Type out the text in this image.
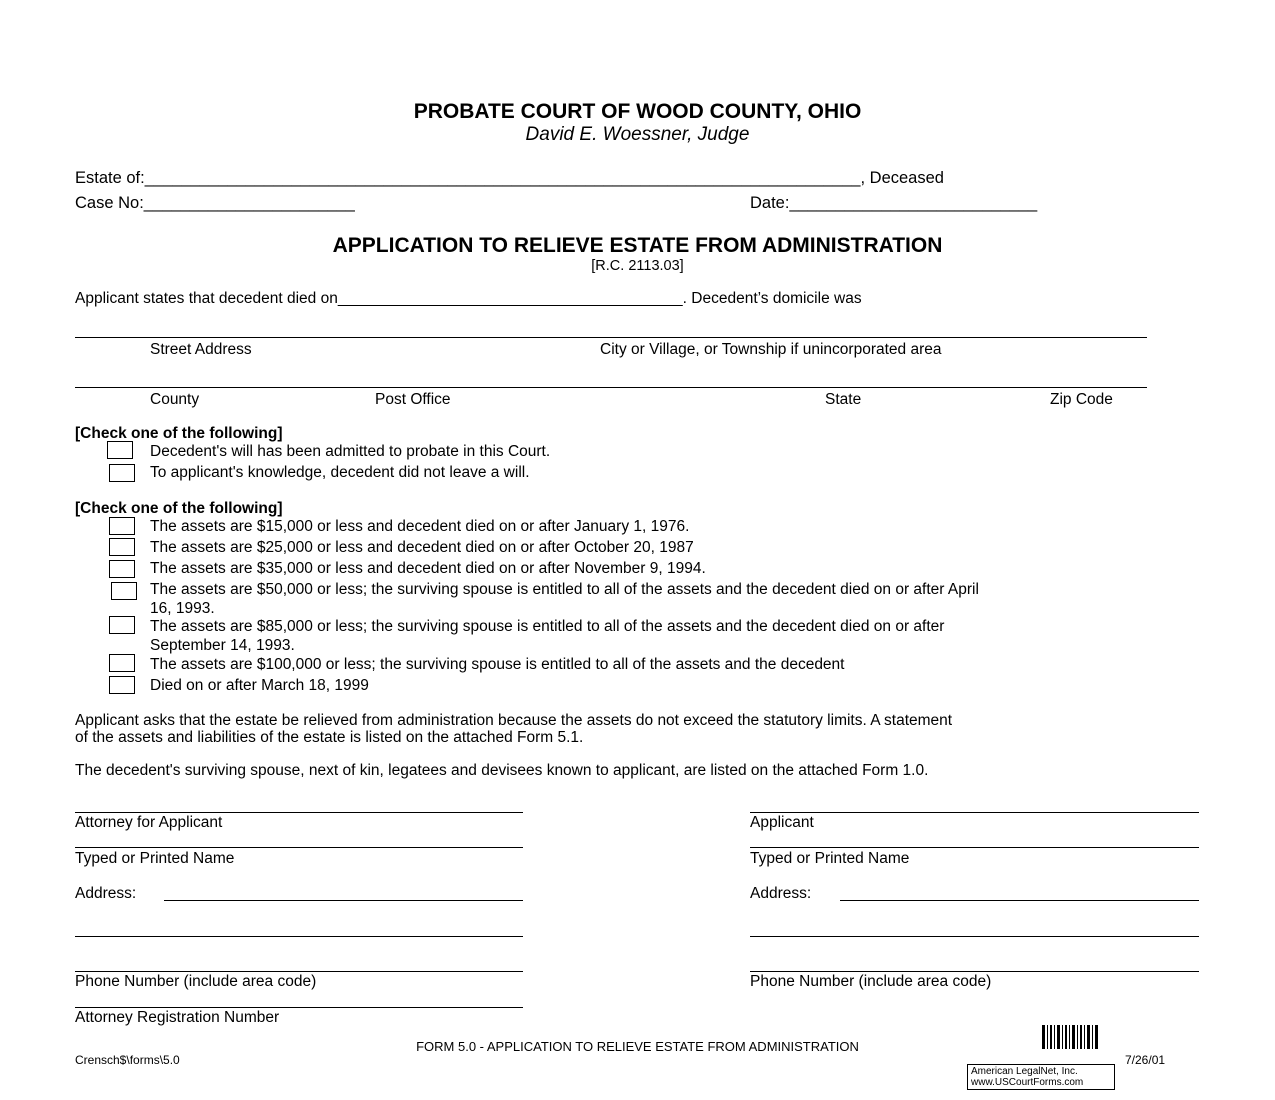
PROBATE COURT OF WOOD COUNTY, OHIO
David E. Woessner, Judge
Estate of:______________________________________________________________________________, Deceased
Case No:_______________________	Date:___________________________
APPLICATION TO RELIEVE ESTATE FROM ADMINISTRATION
[R.C. 2113.03]
Applicant states that decedent died on________________________________________. Decedent’s domicile was
Street Address	City or Village, or Township if unincorporated area
County	Post Office	State	Zip Code
[Check one of the following]
Decedent's will has been admitted to probate in this Court.
To applicant's knowledge, decedent did not leave a will.
[Check one of the following]
The assets are $15,000 or less and decedent died on or after January 1, 1976.
The assets are $25,000 or less and decedent died on or after October 20, 1987
The assets are $35,000 or less and decedent died on or after November 9, 1994.
The assets are $50,000 or less; the surviving spouse is entitled to all of the assets and the decedent died on or after April
16, 1993.
The assets are $85,000 or less; the surviving spouse is entitled to all of the assets and the decedent died on or after
September 14, 1993.
The assets are $100,000 or less; the surviving spouse is entitled to all of the assets and the decedent
Died on or after March 18, 1999
Applicant asks that the estate be relieved from administration because the assets do not exceed the statutory limits. A statement
of the assets and liabilities of the estate is listed on the attached Form 5.1.
The decedent's surviving spouse, next of kin, legatees and devisees known to applicant, are listed on the attached Form 1.0.
Attorney for Applicant
Typed or Printed Name
Address:
Phone Number (include area code)
Attorney Registration Number
Applicant
Typed or Printed Name
Address:
Phone Number (include area code)
FORM 5.0 - APPLICATION TO RELIEVE ESTATE FROM ADMINISTRATION
Crensch$\forms\5.0	7/26/01
American LegalNet, Inc.
www.USCourtForms.com
